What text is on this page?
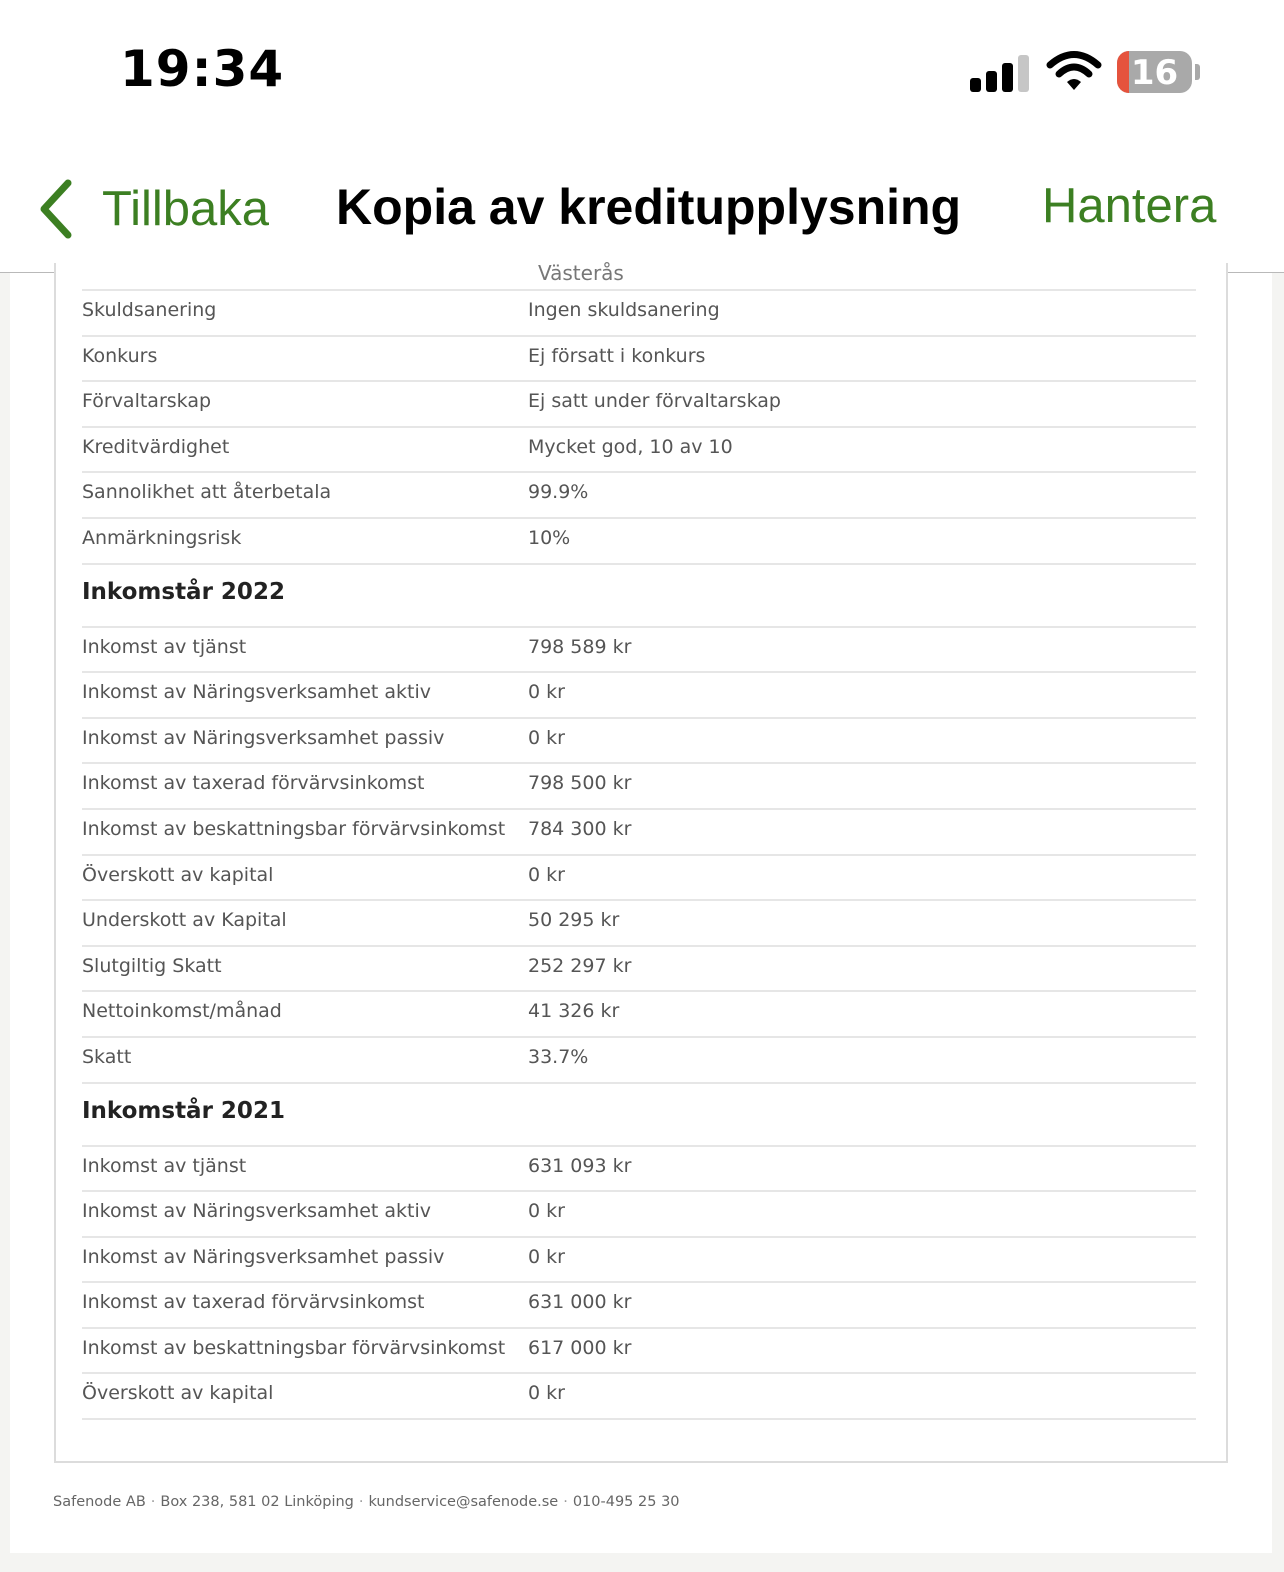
19:34	16
Tillbaka Kopia av kreditupplysning Hantera
Västerås
Skuldsanering	Ingen skuldsanering
Konkurs	Ej försatt i konkurs
Förvaltarskap	Ej satt under förvaltarskap
Kreditvärdighet	Mycket god, 10 av 10
Sannolikhet att återbetala	99.9%
Anmärkningsrisk	10%
Inkomstår 2022
Inkomst av tjänst	798 589 kr
Inkomst av Näringsverksamhet aktiv	0 kr
Inkomst av Näringsverksamhet passiv	0 kr
Inkomst av taxerad förvärvsinkomst	798 500 kr
Inkomst av beskattningsbar förvärvsinkomst 784 300 kr
Överskott av kapital	0 kr
Underskott av Kapital	50 295 kr
Slutgiltig Skatt	252 297 kr
Nettoinkomst/månad	41 326 kr
Skatt	33.7%
Inkomstår 2021
Inkomst av tjänst	631 093 kr
Inkomst av Näringsverksamhet aktiv	0 kr
Inkomst av Näringsverksamhet passiv	0 kr
Inkomst av taxerad förvärvsinkomst	631 000 kr
Inkomst av beskattningsbar förvärvsinkomst 617 000 kr
Överskott av kapital	0 kr
Safenode AB · Box 238, 581 02 Linköping · kundservice@safenode.se · 010-495 25 30
